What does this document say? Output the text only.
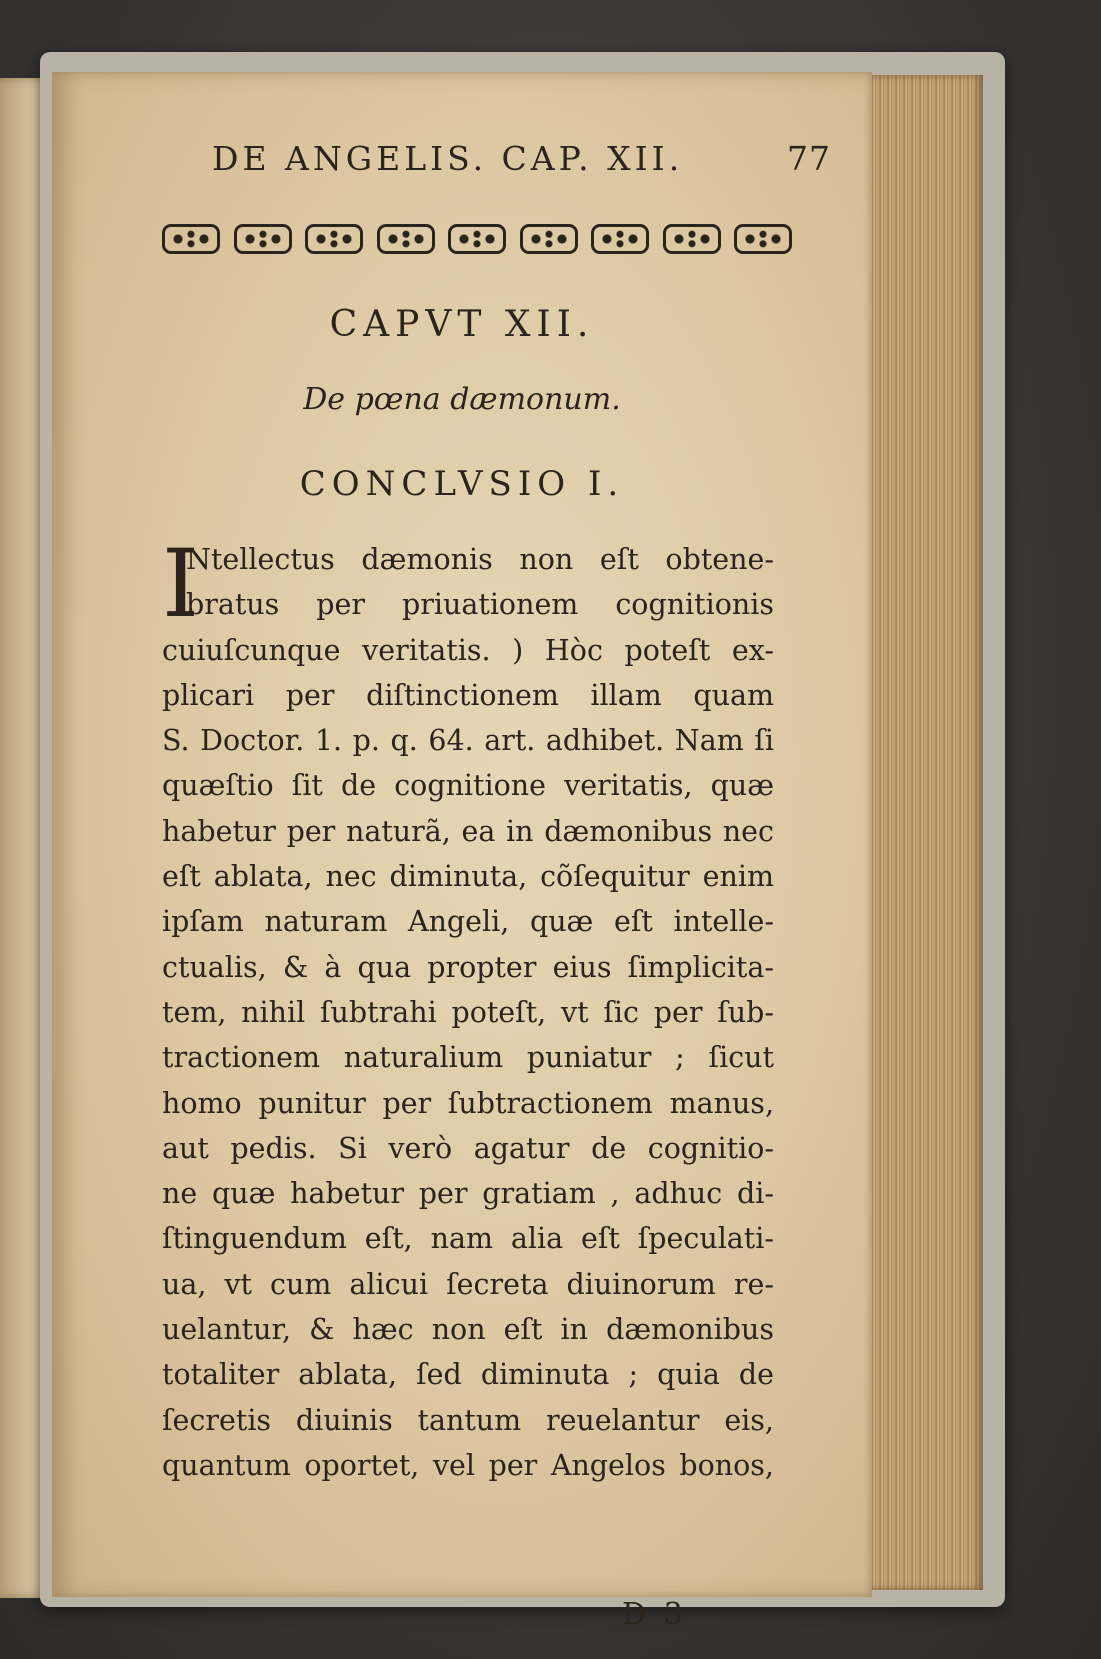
DE ANGELIS. CAP. XII.	77
CAPVT XII.
De pœna dæmonum.
CONCLVSIO I.
I
Ntellectus dæmonis non eſt obtene-
bratus per priuationem cognitionis
cuiuſcunque veritatis. ) Hòc poteſt ex-
plicari per diſtinctionem illam quam
S. Doctor. 1. p. q. 64. art. adhibet. Nam ſi
quæſtio ſit de cognitione veritatis, quæ
habetur per naturã, ea in dæmonibus nec
eſt ablata, nec diminuta, cõſequitur enim
ipſam naturam Angeli, quæ eſt intelle-
ctualis, & à qua propter eius ſimplicita-
tem, nihil ſubtrahi poteſt, vt ſic per ſub-
tractionem naturalium puniatur ; ſicut
homo punitur per ſubtractionem manus,
aut pedis. Si verò agatur de cognitio-
ne quæ habetur per gratiam , adhuc di-
ſtinguendum eſt, nam alia eſt ſpeculati-
ua, vt cum alicui ſecreta diuinorum re-
uelantur, & hæc non eſt in dæmonibus
totaliter ablata, ſed diminuta ; quia de
ſecretis diuinis tantum reuelantur eis,
quantum oportet, vel per Angelos bonos,
D 3
